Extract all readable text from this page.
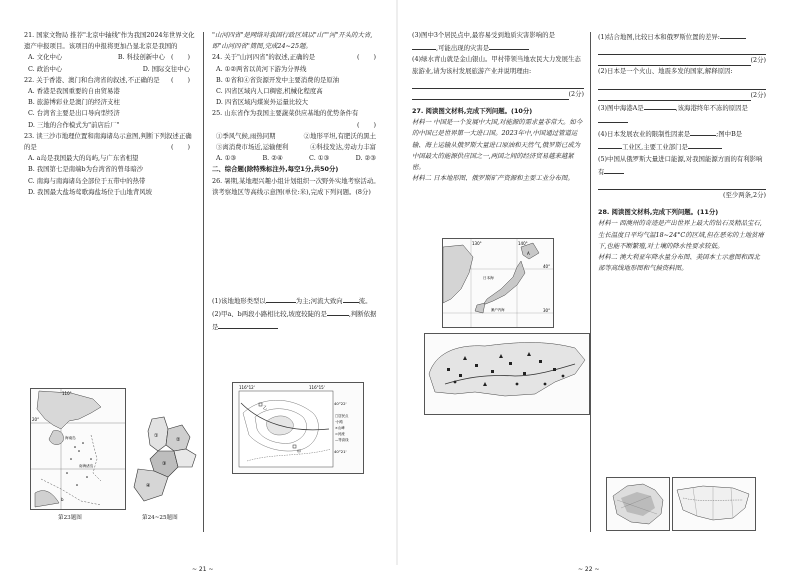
21. 国家文物局 推荐"北京中轴线"作为我国2024年世界文化遗产申报项目。该项目的申报将更加凸显北京是我国的
( )

A. 文化中心	B. 科技创新中心

C. 政治中心	D. 国际交往中心

22. 关于香港、澳门和台湾省的叙述,不正确的是 ( )

A. 香港是我国重要的自由贸易港

B. 旅游博彩业是澳门的经济支柱

C. 台湾省主要是出口导向型经济

D. 三地的合作模式为"前店后厂"

23. 读三沙市地理位置和南海诸岛示意图,判断下列叙述正确的是	( )

A. a岛是我国最大的岛屿,与广东省相望

B. 我国第七是南端b为台湾省的曾母暗沙

C. 南海与南海诸岛全部位于五带中的热带

D. 我国最大盐场莺歌海盐场位于山地背风坡

110°
20°
海南岛
南海诸岛
b
第23题图
①
②
③
④
第24~25题图

"山河四省"是网络对我国行政区域以"山""河"开头的大省,即"山河四省"简图,完成24~25题。

24. 关于"山河四省"的叙述,正确的是	( )

A. ①②两省以黄河下游为分界线

B. ①省和④省资源开发中主要消费的是原油

C. 四省区域内人口稠密,机械化程度高

D. 四省区域内煤炭外运量比较大

25. 山东省作为我国主要蔬菜供应基地的优势条件有

( )

①季风气候,雨热同期	②地形平坦,有肥沃的黑土

③离消费市场近,运输便利	④科技发达,劳动力丰富

A. ①③	B. ②④	C. ①③	D. ②③

二、综合题(除特殊标注外,每空1分,共50分)

26. 暑期,某地理兴趣小组计划组织一次野外实地考察活动。读考察地区等高线示意图(单位:米),完成下列问题。(8分)

(1)该地地形类型以	为主;河流大致向	流。

(2)甲a、b两段小路相比较,坡度较陡的是	,判断依据是

116°12'	116°15'
40°22'
40°21'
□居民点
·小路
×山峰
≈河流
—等高线
甲
乙
~ 21 ~

(3)图中3个居民点中,最容易受到地质灾害影响的是

,可能出现的灾害是

(4)绿水青山就是金山银山。甲村带领当地农民大力发展生态旅游业,请为该村发展旅游产业并说明理由:

(2分)

27. 阅读图文材料,完成下列问题。(10分)

材料一 中国是一个发展中大国,对能源的需求量非常大。如今的中国已是世界第一大进口国。2023年中,中国通过管道运输、海上运输从俄罗斯大量进口原油和天然气,俄罗斯已成为中国最大的能源供应国之一,两国之间的经济贸易越来越紧密。

材料二 日本地形图、俄罗斯矿产资源和主要工业分布图。

130°	140°
40°
30°
日本海
濑户内海
A

(1)结合地图,比较日本和俄罗斯位置的差异:

(2分)

(2)日本是一个火山、地震多发的国家,解释原因:

(2分)

(3)图中海港A是	,该海港终年不冻的原因是

(4)日本发展农业的限制性因素是	;图中B是

工业区,主要工业部门是

(5)中国从俄罗斯大量进口能源,对我国能源方面的有利影响有

(至少两条,2分)

28. 阅读图文材料,完成下列问题。(11分)

材料一 西澳州的奇迹是产出世界上最大的钻石及精品宝石,生长温度日平均气温18~24°C的区域,但在恶劣的土地贫瘠下,也能不断繁殖,对土壤的降水性要求较低。

材料二 澳大利亚年降水量分布图、美国本土示意图和西北部等高线地形图和气候资料图。

~ 22 ~
